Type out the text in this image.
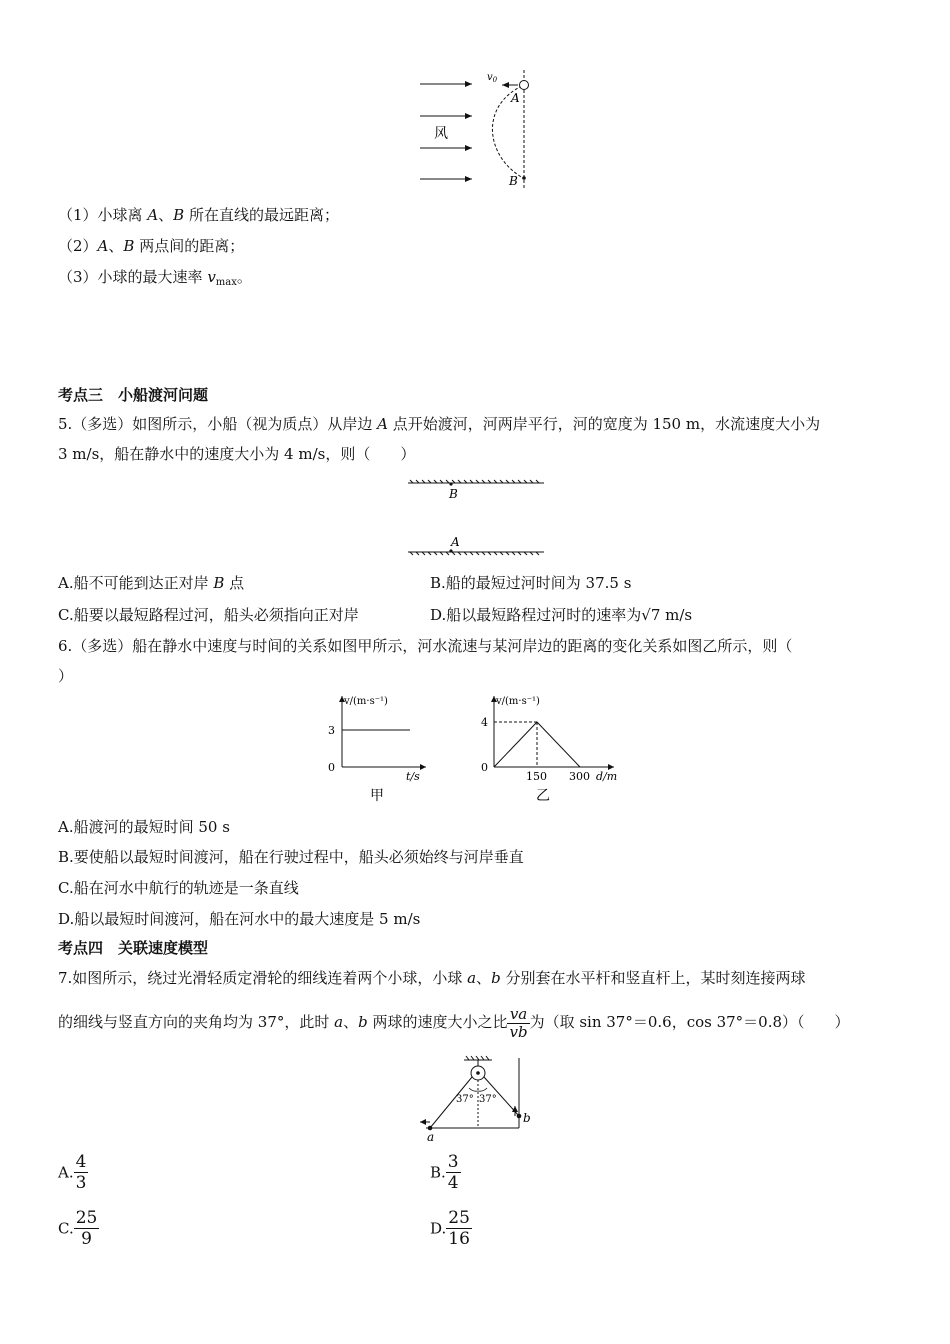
$v_0$
A
B
风
（1）小球离 A、B 所在直线的最远距离；
（2）A、B 两点间的距离；
（3）小球的最大速率 $v_{max}$。
考点三　小船渡河问题
5.（多选）如图所示，小船（视为质点）从岸边 A 点开始渡河，河两岸平行，河的宽度为 150 m，水流速度大小为
3 m/s，船在静水中的速度大小为 4 m/s，则（　　）
B
A
A.船不可能到达正对岸 B 点	B.船的最短过河时间为 37.5 s
C.船要以最短路程过河，船头必须指向正对岸	D.船以最短路程过河时的速率为√7 m/s
6.（多选）船在静水中速度与时间的关系如图甲所示，河水流速与某河岸边的距离的变化关系如图乙所示，则（
）
v/(m·s⁻¹)
3
0
t/s
甲
v/(m·s⁻¹)
4
0
150 300 d/m
乙
A.船渡河的最短时间 50 s
B.要使船以最短时间渡河，船在行驶过程中，船头必须始终与河岸垂直
C.船在河水中航行的轨迹是一条直线
D.船以最短时间渡河，船在河水中的最大速度是 5 m/s
考点四　关联速度模型
7.如图所示，绕过光滑轻质定滑轮的细线连着两个小球，小球 a、b 分别套在水平杆和竖直杆上，某时刻连接两球
的细线与竖直方向的夹角均为 37°，此时 a、b 两球的速度大小之比 $\frac{va}{vb}$ 为（取 sin 37°＝0.6，cos 37°＝0.8）（　　）
37° 37°
a
b
A. $\frac{4}{3}$	B. $\frac{3}{4}$
C. $\frac{25}{9}$	D. $\frac{25}{16}$
